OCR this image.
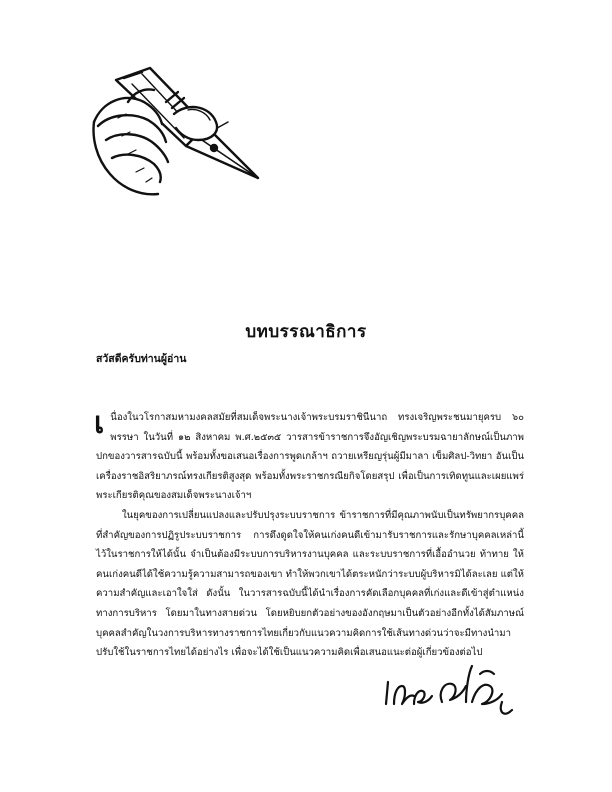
บทบรรณาธิการ
สวัสดีครับท่านผู้อ่าน

เนื่องในวโรกาสมหามงคลสมัยที่สมเด็จพระนางเจ้าพระบรมราชินีนาถ ทรงเจริญพระชนมายุครบ ๖๐ พรรษา ในวันที่ ๑๒ สิงหาคม พ.ศ.๒๕๓๕ วารสารข้าราชการจึงอัญเชิญพระบรมฉายาลักษณ์เป็นภาพปกของวารสารฉบับนี้ พร้อมทั้งขอเสนอเรื่องการพูดเกล้าฯ ถวายเหรียญรุ่นผู้มีมาลา เข็มศิลป-วิทยา อันเป็นเครื่องราชอิสริยาภรณ์ทรงเกียรติสูงสุด พร้อมทั้งพระราชกรณียกิจโดยสรุป เพื่อเป็นการเทิดทูนและเผยแพร่พระเกียรติคุณของสมเด็จพระนางเจ้าฯ

ในยุคของการเปลี่ยนแปลงและปรับปรุงระบบราชการ ข้าราชการที่มีคุณภาพนับเป็นทรัพยากรบุคคลที่สำคัญของการปฏิรูประบบราชการ การดึงดูดใจให้คนเก่งคนดีเข้ามารับราชการและรักษาบุคคลเหล่านี้ไว้ในราชการให้ได้นั้น จำเป็นต้องมีระบบการบริหารงานบุคคล และระบบราชการที่เอื้ออำนวย ท้าทาย ให้คนเก่งคนดีได้ใช้ความรู้ความสามารถของเขา ทำให้พวกเขาได้ตระหนักว่าระบบผู้บริหารมิได้ละเลย แต่ให้ความสำคัญและเอาใจใส่ ดังนั้น ในวารสารฉบับนี้ได้นำเรื่องการคัดเลือกบุคคลที่เก่งและดีเข้าสู่ตำแหน่งทางการบริหาร โดยมาในทางสายด่วน โดยหยิบยกตัวอย่างของอังกฤษมาเป็นตัวอย่างอีกทั้งได้สัมภาษณ์บุคคลสำคัญในวงการบริหารทางราชการไทยเกี่ยวกับแนวความคิดการใช้เส้นทางด่วนว่าจะมีทางนำมาปรับใช้ในราชการไทยได้อย่างไร เพื่อจะได้ใช้เป็นแนวความคิดเพื่อเสนอแนะต่อผู้เกี่ยวข้องต่อไป
